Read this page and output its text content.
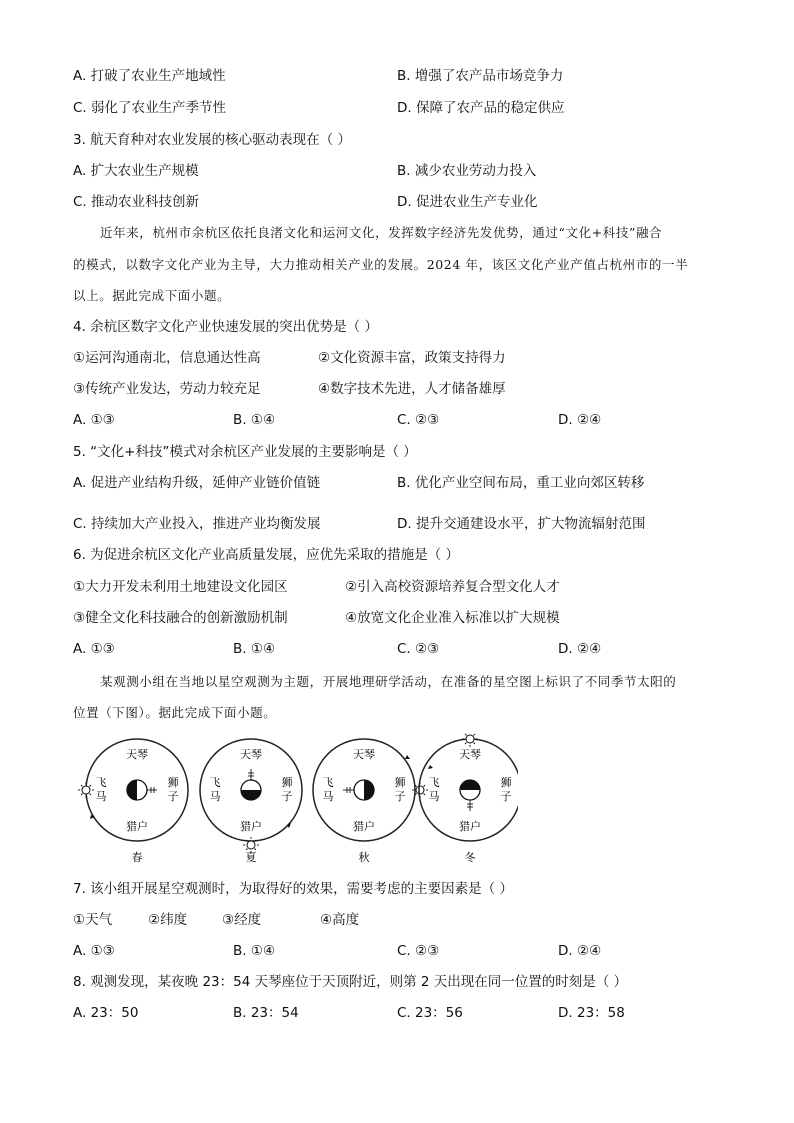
A. 打破了农业生产地域性	B. 增强了农产品市场竞争力
C. 弱化了农业生产季节性	D. 保障了农产品的稳定供应
3. 航天育种对农业发展的核心驱动表现在（ ）
A. 扩大农业生产规模	B. 减少农业劳动力投入
C. 推动农业科技创新	D. 促进农业生产专业化
近年来，杭州市余杭区依托良渚文化和运河文化，发挥数字经济先发优势，通过“文化+科技”融合
的模式，以数字文化产业为主导，大力推动相关产业的发展。2024 年，该区文化产业产值占杭州市的一半
以上。据此完成下面小题。
4. 余杭区数字文化产业快速发展的突出优势是（ ）
①运河沟通南北，信息通达性高	②文化资源丰富，政策支持得力
③传统产业发达，劳动力较充足	④数字技术先进，人才储备雄厚
A. ①③	B. ①④	C. ②③	D. ②④
5. “文化+科技”模式对余杭区产业发展的主要影响是（ ）
A. 促进产业结构升级，延伸产业链价值链	B. 优化产业空间布局，重工业向郊区转移
C. 持续加大产业投入，推进产业均衡发展	D. 提升交通建设水平，扩大物流辐射范围
6. 为促进余杭区文化产业高质量发展，应优先采取的措施是（ ）
①大力开发未利用土地建设文化园区	②引入高校资源培养复合型文化人才
③健全文化科技融合的创新激励机制	④放宽文化企业准入标准以扩大规模
A. ①③	B. ①④	C. ②③	D. ②④
某观测小组在当地以星空观测为主题，开展地理研学活动，在准备的星空图上标识了不同季节太阳的
位置（下图）。据此完成下面小题。
天琴
猎户
飞
马
狮
子
春
天琴
猎户
飞
马
狮
子
夏
天琴
猎户
飞
马
狮
子
秋
天琴
猎户
飞
马
狮
子
冬
7. 该小组开展星空观测时，为取得好的效果，需要考虑的主要因素是（ ）
①天气	②纬度	③经度	④高度
A. ①③	B. ①④	C. ②③	D. ②④
8. 观测发现，某夜晚 23：54 天琴座位于天顶附近，则第 2 天出现在同一位置的时刻是（ ）
A. 23：50	B. 23：54	C. 23：56	D. 23：58
